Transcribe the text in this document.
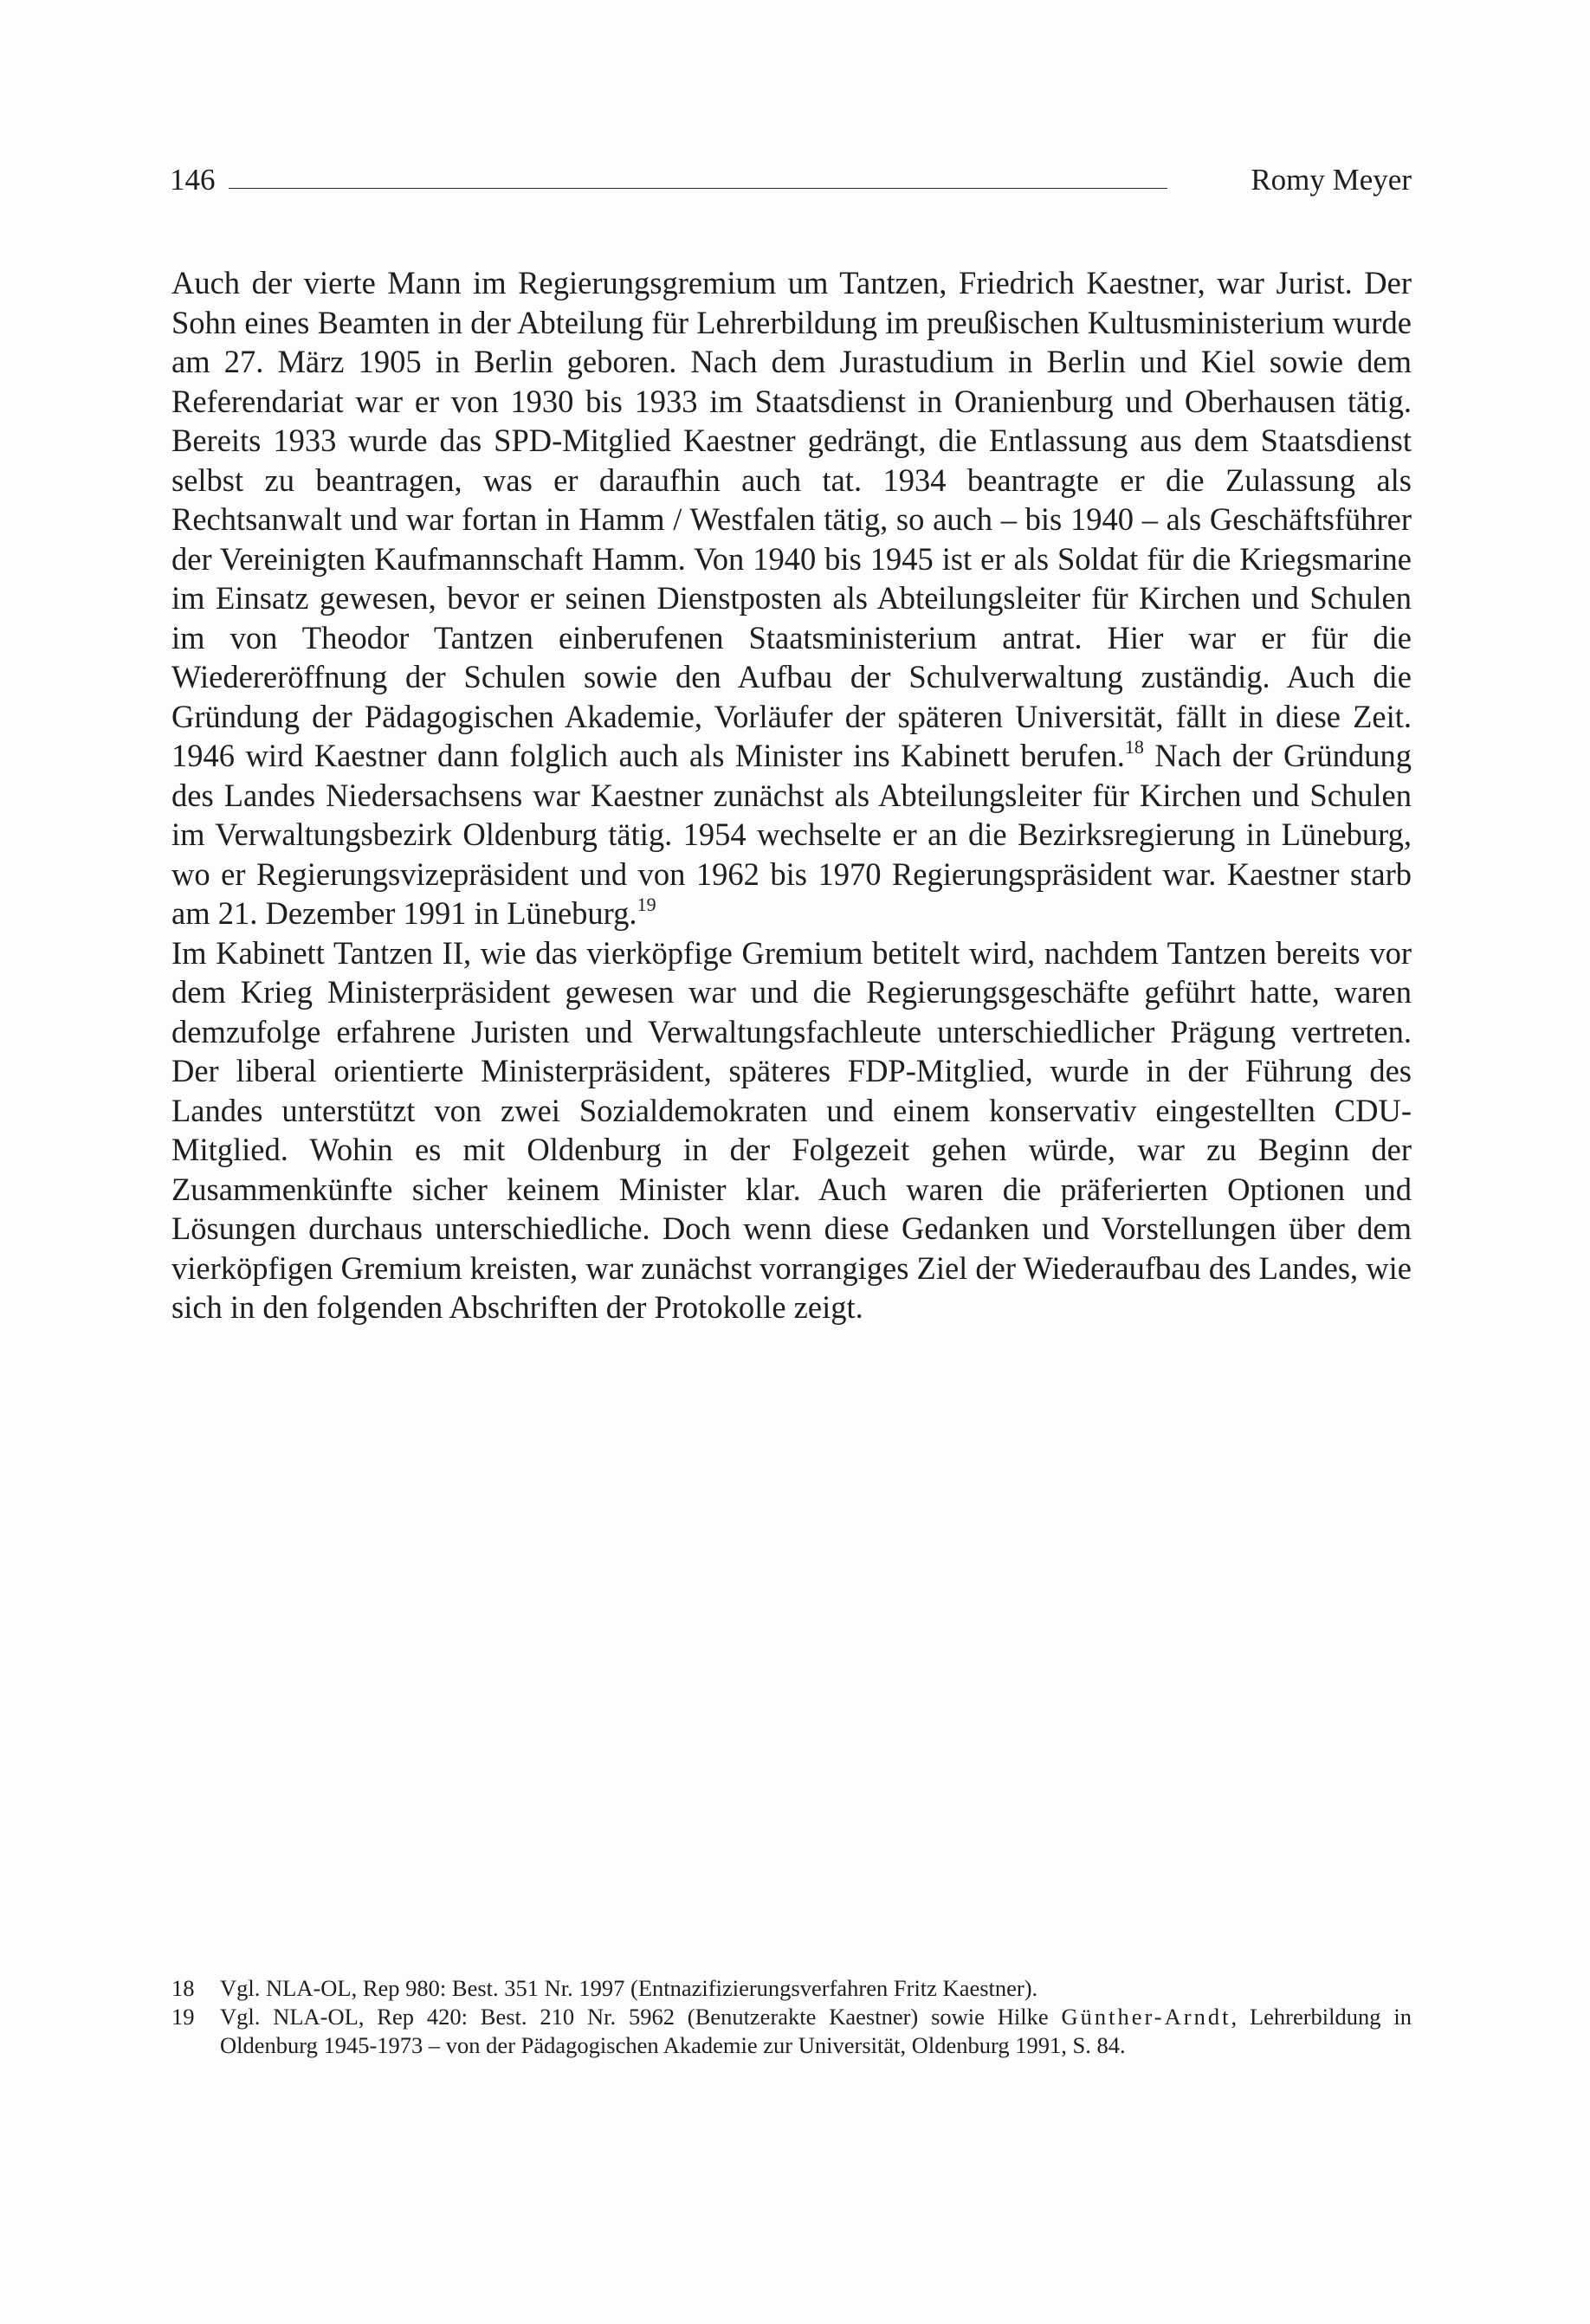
146	Romy Meyer

Auch der vierte Mann im Regierungsgremium um Tantzen, Friedrich Kaestner, war Jurist. Der Sohn eines Beamten in der Abteilung für Lehrerbildung im preußischen Kultusministerium wurde am 27. März 1905 in Berlin geboren. Nach dem Jurastudium in Berlin und Kiel sowie dem Referendariat war er von 1930 bis 1933 im Staatsdienst in Oranienburg und Oberhausen tätig. Bereits 1933 wurde das SPD-Mitglied Kaestner gedrängt, die Entlassung aus dem Staatsdienst selbst zu beantragen, was er daraufhin auch tat. 1934 beantragte er die Zulassung als Rechtsanwalt und war fortan in Hamm / Westfalen tätig, so auch – bis 1940 – als Geschäftsführer der Vereinigten Kaufmannschaft Hamm. Von 1940 bis 1945 ist er als Soldat für die Kriegsmarine im Einsatz gewesen, bevor er seinen Dienstposten als Abteilungsleiter für Kirchen und Schulen im von Theodor Tantzen einberufenen Staatsministerium antrat. Hier war er für die Wiedereröffnung der Schulen sowie den Aufbau der Schulverwaltung zuständig. Auch die Gründung der Pädagogischen Akademie, Vorläufer der späteren Universität, fällt in diese Zeit. 1946 wird Kaestner dann folglich auch als Minister ins Kabinett berufen.$^{18}$ Nach der Gründung des Landes Niedersachsens war Kaestner zunächst als Abteilungsleiter für Kirchen und Schulen im Verwaltungsbezirk Oldenburg tätig. 1954 wechselte er an die Bezirksregierung in Lüneburg, wo er Regierungsvizepräsident und von 1962 bis 1970 Regierungspräsident war. Kaestner starb am 21. Dezember 1991 in Lüneburg.$^{19}$

Im Kabinett Tantzen II, wie das vierköpfige Gremium betitelt wird, nachdem Tantzen bereits vor dem Krieg Ministerpräsident gewesen war und die Regierungsgeschäfte geführt hatte, waren demzufolge erfahrene Juristen und Verwaltungsfachleute unterschiedlicher Prägung vertreten. Der liberal orientierte Ministerpräsident, späteres FDP-Mitglied, wurde in der Führung des Landes unterstützt von zwei Sozialdemokraten und einem konservativ eingestellten CDU-Mitglied. Wohin es mit Oldenburg in der Folgezeit gehen würde, war zu Beginn der Zusammenkünfte sicher keinem Minister klar. Auch waren die präferierten Optionen und Lösungen durchaus unterschiedliche. Doch wenn diese Gedanken und Vorstellungen über dem vierköpfigen Gremium kreisten, war zunächst vorrangiges Ziel der Wiederaufbau des Landes, wie sich in den folgenden Abschriften der Protokolle zeigt.

18	Vgl. NLA-OL, Rep 980: Best. 351 Nr. 1997 (Entnazifizierungsverfahren Fritz Kaestner).
19	Vgl. NLA-OL, Rep 420: Best. 210 Nr. 5962 (Benutzerakte Kaestner) sowie Hilke Günther-Arndt, Lehrerbildung in Oldenburg 1945-1973 – von der Pädagogischen Akademie zur Universität, Oldenburg 1991, S. 84.
